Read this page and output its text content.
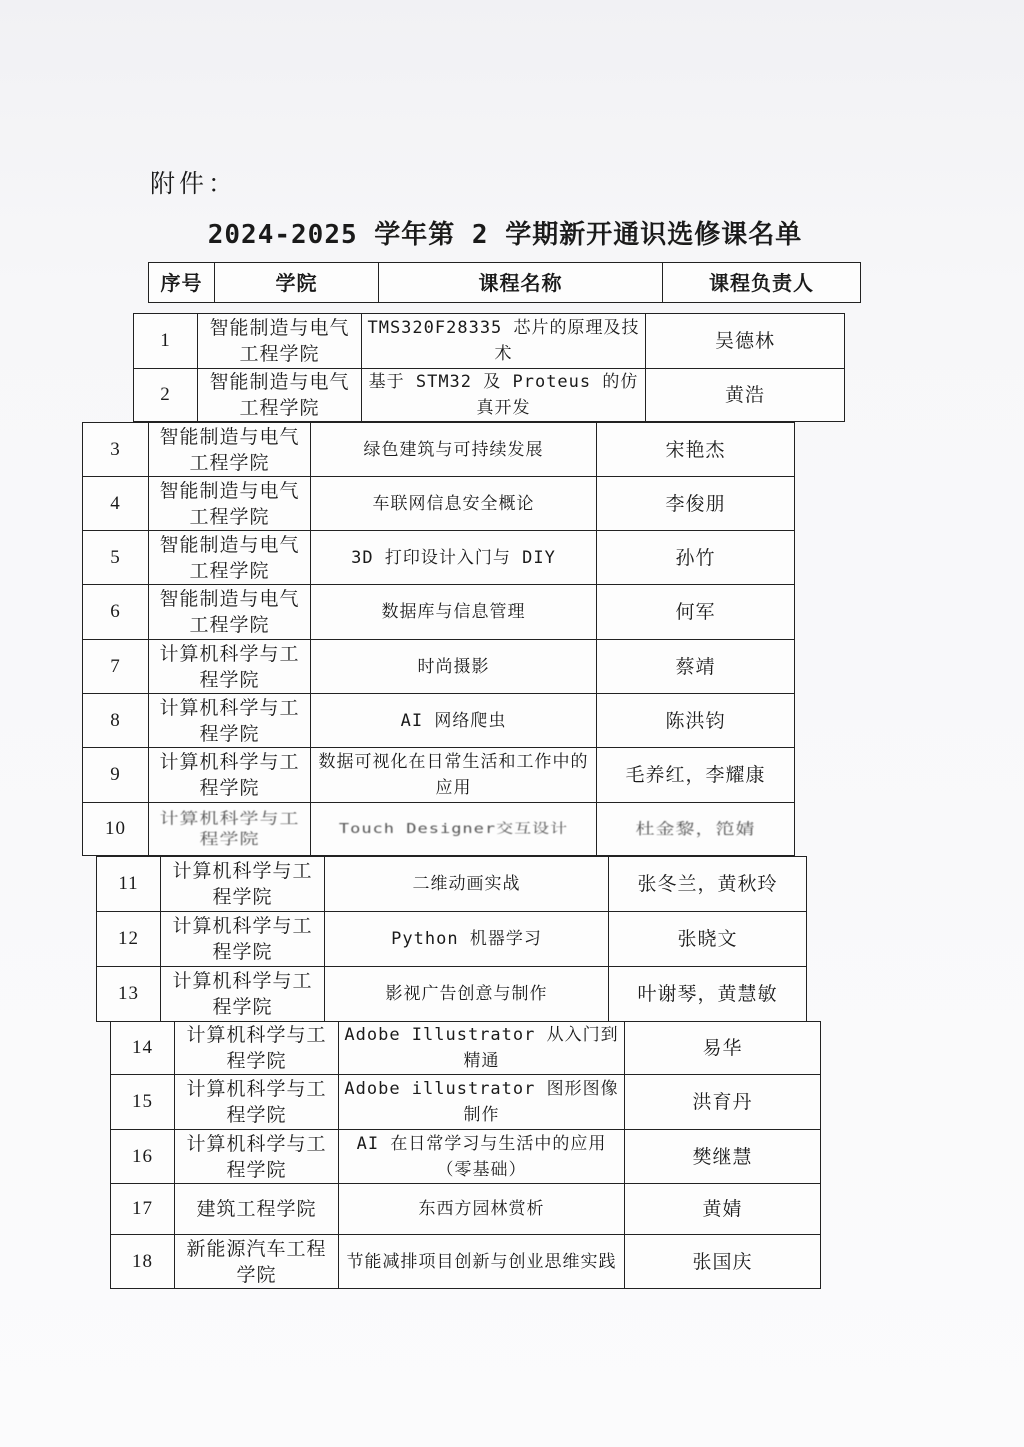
附件：
2024-2025 学年第 2 学期新开通识选修课名单
序号	学院	课程名称	课程负责人
1	智能制造与电气工程学院	TMS320F28335 芯片的原理及技术	吴德林
2	智能制造与电气工程学院	基于 STM32 及 Proteus 的仿真开发	黄浩
3	智能制造与电气工程学院	绿色建筑与可持续发展	宋艳杰
4	智能制造与电气工程学院	车联网信息安全概论	李俊朋
5	智能制造与电气工程学院	3D 打印设计入门与 DIY	孙竹
6	智能制造与电气工程学院	数据库与信息管理	何军
7	计算机科学与工程学院	时尚摄影	蔡靖
8	计算机科学与工程学院	AI 网络爬虫	陈洪钧
9	计算机科学与工程学院	数据可视化在日常生活和工作中的应用	毛养红，李耀康
10	计算机科学与工程学院	Touch Designer交互设计	杜金黎，笵婧
11	计算机科学与工程学院	二维动画实战	张冬兰，黄秋玲
12	计算机科学与工程学院	Python 机器学习	张晓文
13	计算机科学与工程学院	影视广告创意与制作	叶谢琴，黄慧敏
14	计算机科学与工程学院	Adobe Illustrator 从入门到精通	易华
15	计算机科学与工程学院	Adobe illustrator 图形图像制作	洪育丹
16	计算机科学与工程学院	AI 在日常学习与生活中的应用（零基础）	樊继慧
17	建筑工程学院	东西方园林赏析	黄婧
18	新能源汽车工程学院	节能减排项目创新与创业思维实践	张国庆
